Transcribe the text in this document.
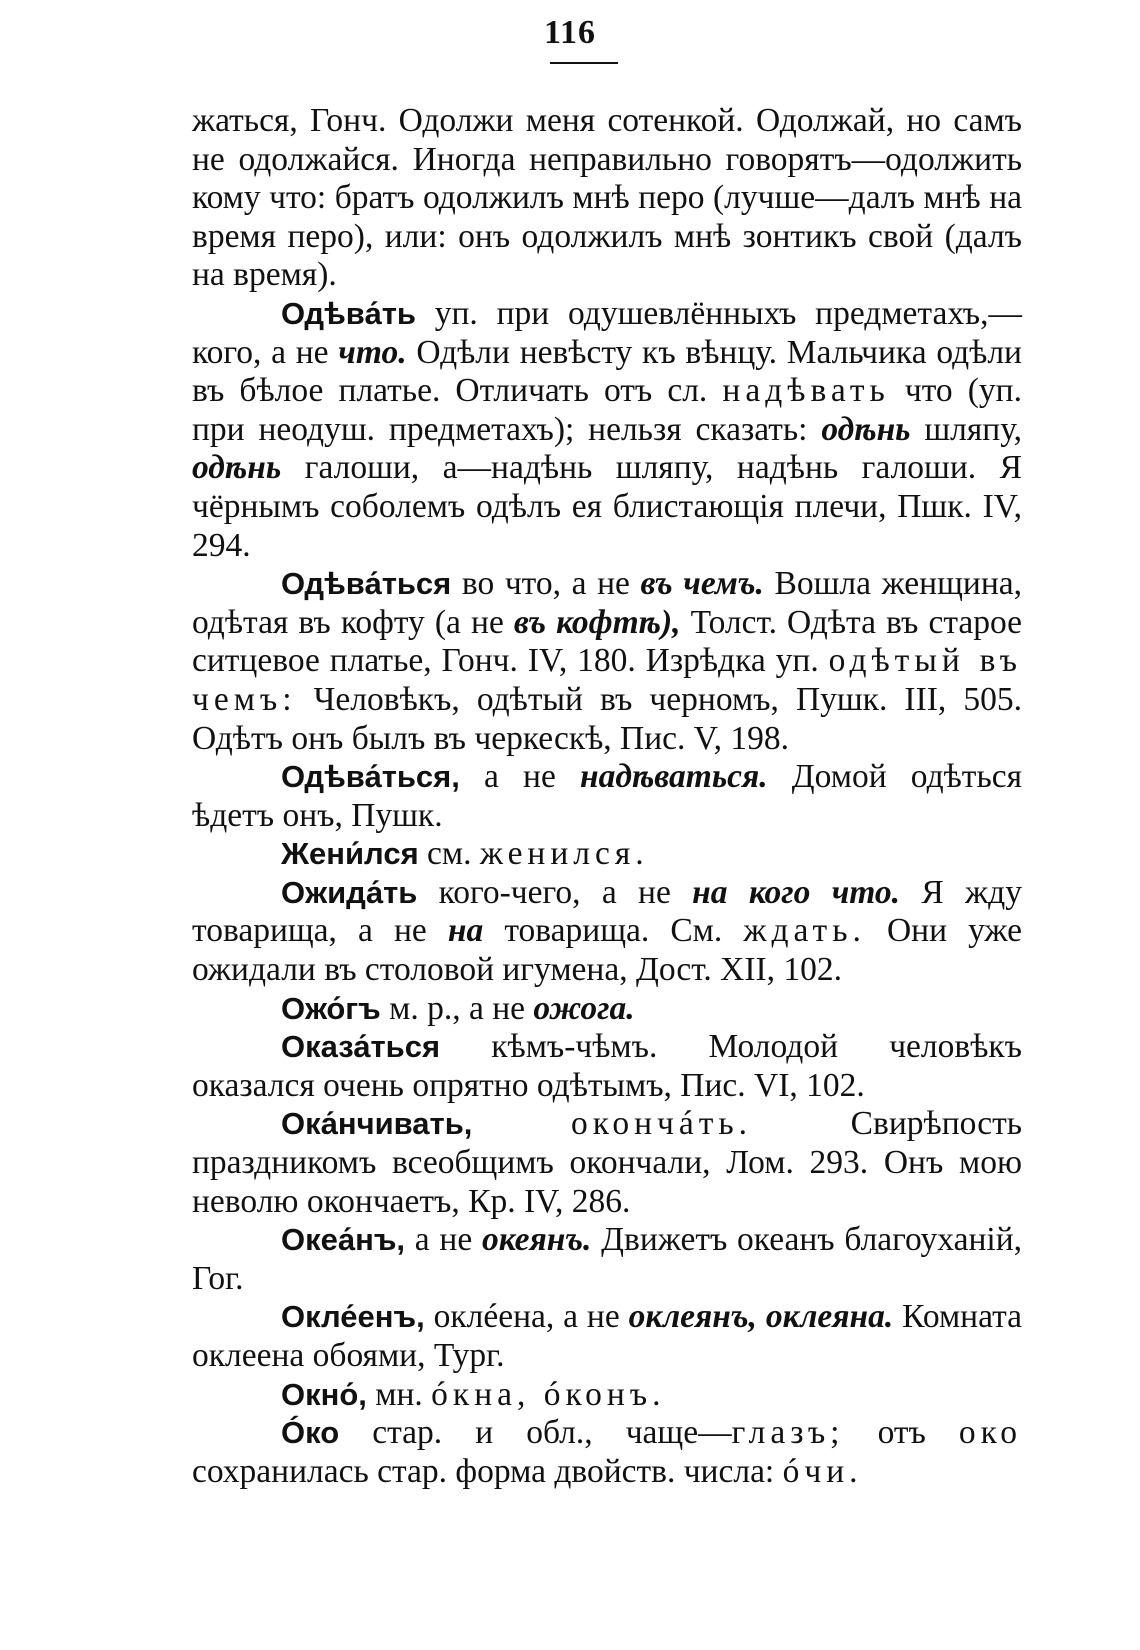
116

жаться, Гонч. Одолжи меня сотенкой. Одолжай, но самъ не одолжайся. Иногда неправильно говорятъ—одолжить кому что: братъ одолжилъ мнѣ перо (лучше—далъ мнѣ на время перо), или: онъ одолжилъ мнѣ зонтикъ свой (далъ на время).

Одѣва́ть уп. при одушевлённыхъ предметахъ,—кого, а не что. Одѣли невѣсту къ вѣнцу. Мальчика одѣли въ бѣлое платье. Отличать отъ сл. надѣвать что (уп. при неодуш. предметахъ); нельзя сказать: одѣнь шляпу, одѣнь галоши, а—надѣнь шляпу, надѣнь галоши. Я чёрнымъ соболемъ одѣлъ ея блистающія плечи, Пшк. IV, 294.

Одѣва́ться во что, а не въ чемъ. Вошла женщина, одѣтая въ кофту (а не въ кофтѣ), Толст. Одѣта въ старое ситцевое платье, Гонч. IV, 180. Изрѣдка уп. одѣтый въ чемъ: Человѣкъ, одѣтый въ черномъ, Пушк. III, 505. Одѣтъ онъ былъ въ черкескѣ, Пис. V, 198.

Одѣва́ться, а не надѣваться. Домой одѣться ѣдетъ онъ, Пушк.

Жени́лся см. женился.

Ожида́ть кого-чего, а не на кого что. Я жду товарища, а не на товарища. См. ждать. Они уже ожидали въ столовой игумена, Дост. XII, 102.

Ожо́гъ м. р., а не ожога.

Оказа́ться кѣмъ-чѣмъ. Молодой человѣкъ оказался очень опрятно одѣтымъ, Пис. VI, 102.

Ока́нчивать,	окончáть. Свирѣпость праздникомъ всеобщимъ окончали, Лом. 293. Онъ мою неволю окончаетъ, Кр. IV, 286.

Океа́нъ, а не океянъ. Движетъ океанъ благоуханій, Гог.

Окле́енъ, оклéена, а не оклеянъ, оклеяна. Комната оклеена обоями, Тург.

Окно́, мн. óкна, óконъ.

Óко стар. и обл., чаще—глазъ; отъ око сохранилась стар. форма двойств. числа: óчи.
